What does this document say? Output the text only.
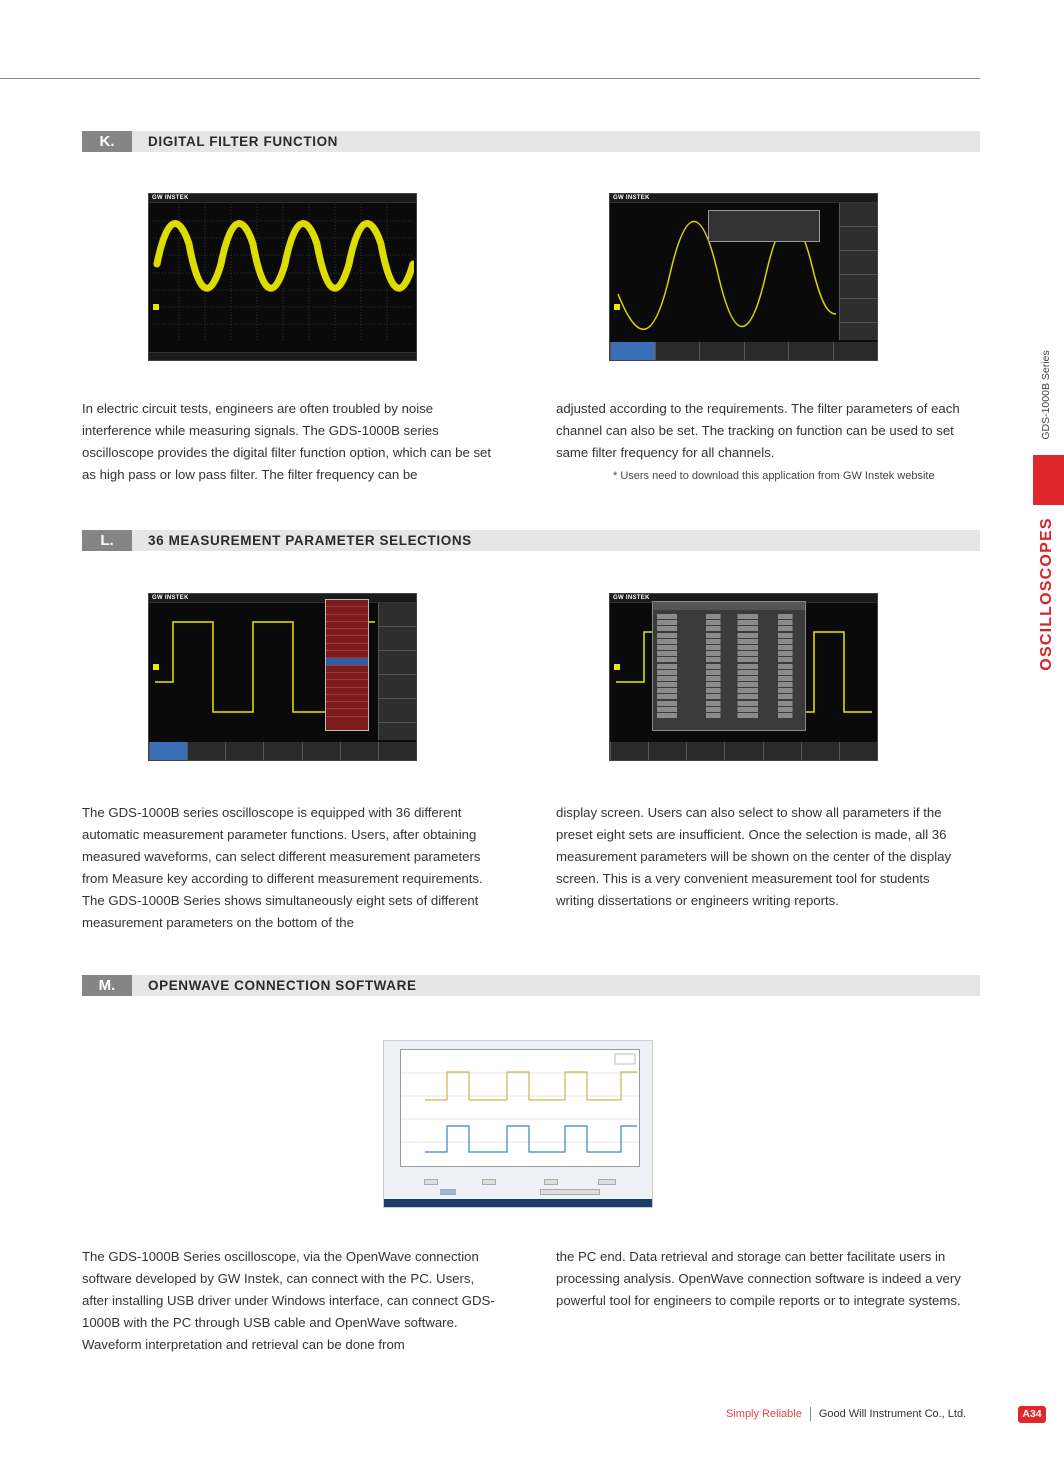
K.	DIGITAL FILTER FUNCTION
GW INSTEK	GW INSTEK
In electric circuit tests, engineers are often troubled by noise interference while measuring signals. The GDS-1000B series oscilloscope provides the digital filter function option, which can be set as high pass or low pass filter. The filter frequency can be
adjusted according to the requirements. The filter parameters of each channel can also be set. The tracking on function can be used to set same filter frequency for all channels.
* Users need to download this application from GW Instek website
L.	36 MEASUREMENT PARAMETER SELECTIONS
GW INSTEK	GW INSTEK
The GDS-1000B series oscilloscope is equipped with 36 different automatic measurement parameter functions. Users, after obtaining measured waveforms, can select different measurement parameters from Measure key according to different measurement requirements. The GDS-1000B Series shows simultaneously eight sets of different measurement parameters on the bottom of the
display screen. Users can also select to show all parameters if the preset eight sets are insufficient. Once the selection is made, all 36 measurement parameters will be shown on the center of the display screen. This is a very convenient measurement tool for students writing dissertations or engineers writing reports.
M.	OPENWAVE CONNECTION SOFTWARE
The GDS-1000B Series oscilloscope, via the OpenWave connection software developed by GW Instek, can connect with the PC. Users, after installing USB driver under Windows interface, can connect GDS-1000B with the PC through USB cable and OpenWave software. Waveform interpretation and retrieval can be done from
the PC end. Data retrieval and storage can better facilitate users in processing analysis. OpenWave connection software is indeed a very powerful tool for engineers to compile reports or to integrate systems.
GDS-1000B Series
OSCILLOSCOPES
Simply Reliable Good Will Instrument Co., Ltd.	A34
